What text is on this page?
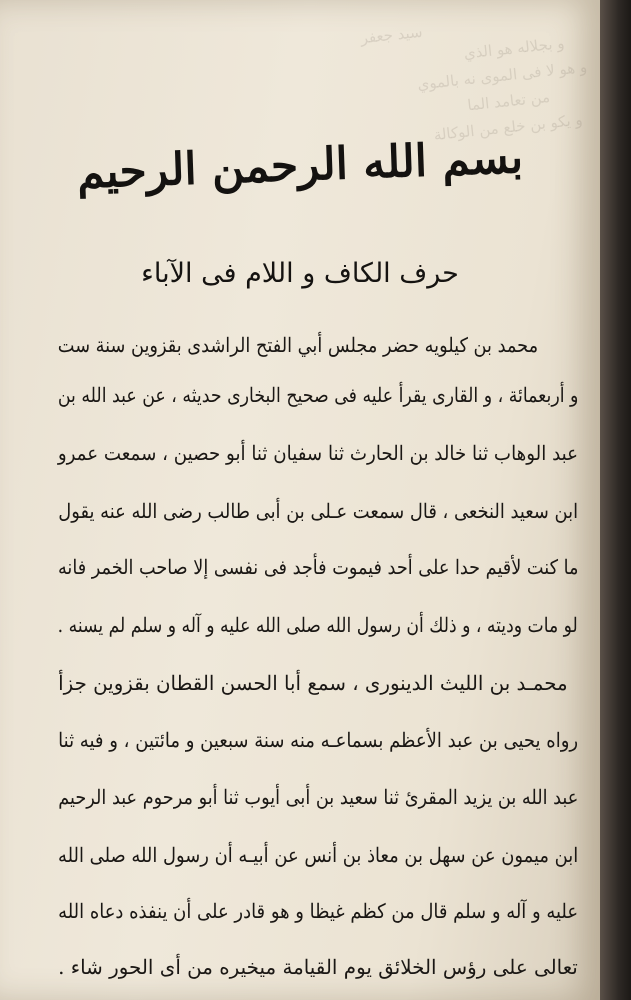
سید جعفر	و بجلاله هو الذي
و هو لا فى الموى نه بالموي
من تعامد الما
و يكو بن خلع من الوكالة
بسم الله الرحمن الرحيم
حرف الكاف و اللام فى الآباء
محمد بن كيلويه حضر مجلس أبي الفتح الراشدى بقزوين سنة ست
و أربعمائة ، و القارى يقرأ عليه فى صحيح البخارى حديثه ، عن عبد الله بن
عبد الوهاب ثنا خالد بن الحارث ثنا سفيان ثنا أبو حصين ، سمعت عمرو
ابن سعيد النخعى ، قال سمعت عـلى بن أبى طالب رضى الله عنه يقول
ما كنت لأقيم حدا على أحد فيموت فأجد فى نفسى إلا صاحب الخمر فانه
لو مات وديته ، و ذلك أن رسول الله صلى الله عليه و آله و سلم لم يسنه .
محمـد بن الليث الدينورى ، سمع أبا الحسن القطان بقزوين جزأ
رواه يحيى بن عبد الأعظم بسماعـه منه سنة سبعين و مائتين ، و فيه ثنا
عبد الله بن يزيد المقرئ ثنا سعيد بن أبى أيوب ثنا أبو مرحوم عبد الرحيم
ابن ميمون عن سهل بن معاذ بن أنس عن أبيـه أن رسول الله صلى الله
عليه و آله و سلم قال من كظم غيظا و هو قادر على أن ينفذه دعاه الله
تعالى على رؤس الخلائق يوم القيامة ميخيره من أى الحور شاء .
